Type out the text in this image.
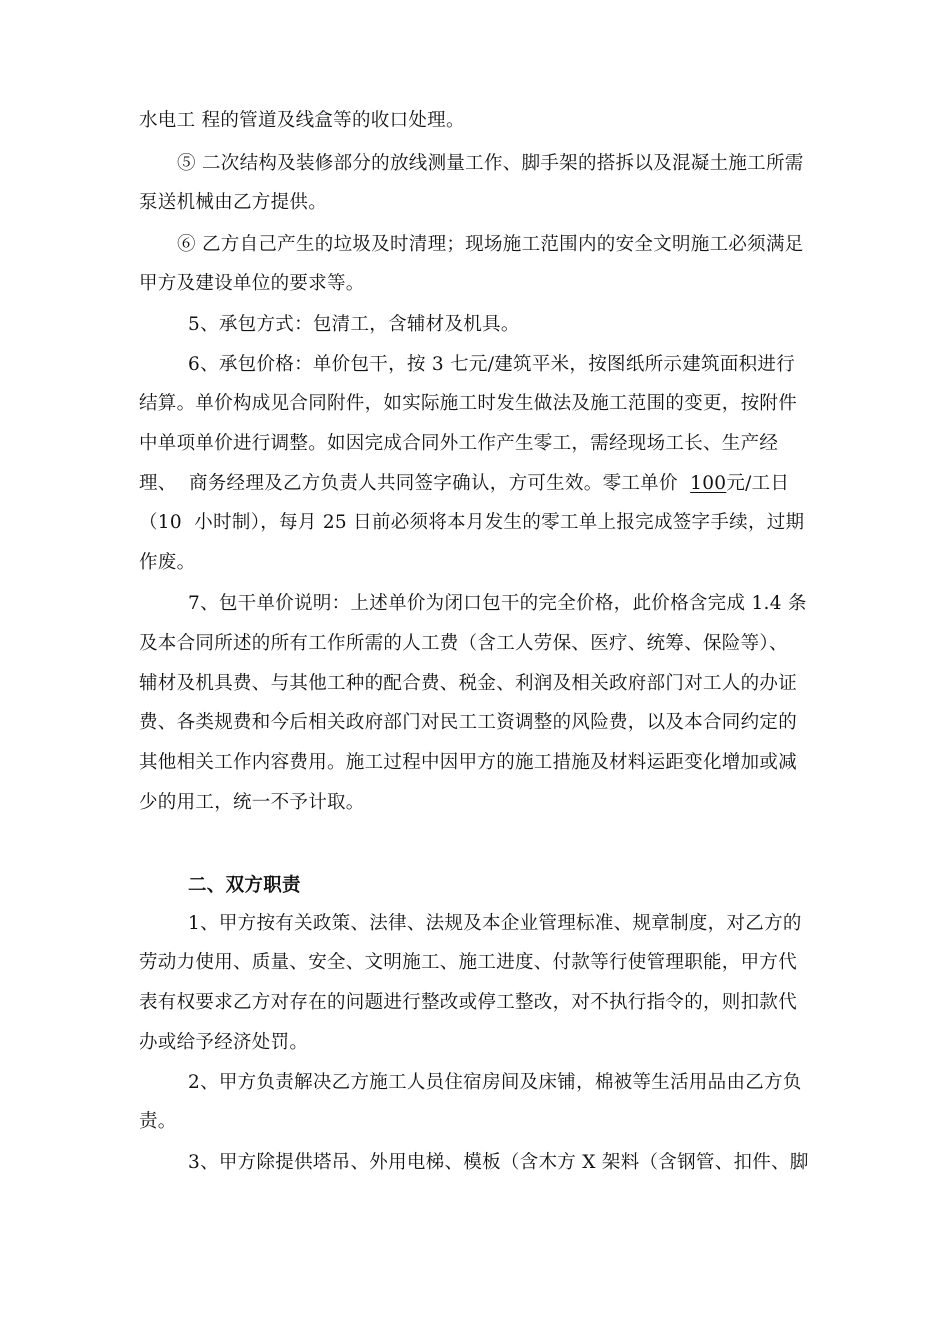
水电工 程的管道及线盒等的收口处理。
⑤ 二次结构及装修部分的放线测量工作、脚手架的搭拆以及混凝土施工所需
泵送机械由乙方提供。
⑥ 乙方自己产生的垃圾及时清理；现场施工范围内的安全文明施工必须满足
甲方及建设单位的要求等。
5、承包方式：包清工，含辅材及机具。
6、承包价格：单价包干，按 3 七元/建筑平米，按图纸所示建筑面积进行
结算。单价构成见合同附件，如实际施工时发生做法及施工范围的变更，按附件
中单项单价进行调整。如因完成合同外工作产生零工，需经现场工长、生产经
理、  商务经理及乙方负责人共同签字确认，方可生效。零工单价  100元/工日
（10  小时制），每月 25 日前必须将本月发生的零工单上报完成签字手续，过期
作废。
7、包干单价说明：上述单价为闭口包干的完全价格，此价格含完成 1.4 条
及本合同所述的所有工作所需的人工费（含工人劳保、医疗、统筹、保险等）、
辅材及机具费、与其他工种的配合费、税金、利润及相关政府部门对工人的办证
费、各类规费和今后相关政府部门对民工工资调整的风险费，以及本合同约定的
其他相关工作内容费用。施工过程中因甲方的施工措施及材料运距变化增加或减
少的用工，统一不予计取。
二、双方职责
1、甲方按有关政策、法律、法规及本企业管理标准、规章制度，对乙方的
劳动力使用、质量、安全、文明施工、施工进度、付款等行使管理职能，甲方代
表有权要求乙方对存在的问题进行整改或停工整改，对不执行指令的，则扣款代
办或给予经济处罚。
2、甲方负责解决乙方施工人员住宿房间及床铺，棉被等生活用品由乙方负
责。
3、甲方除提供塔吊、外用电梯、模板（含木方 X 架料（含钢管、扣件、脚
